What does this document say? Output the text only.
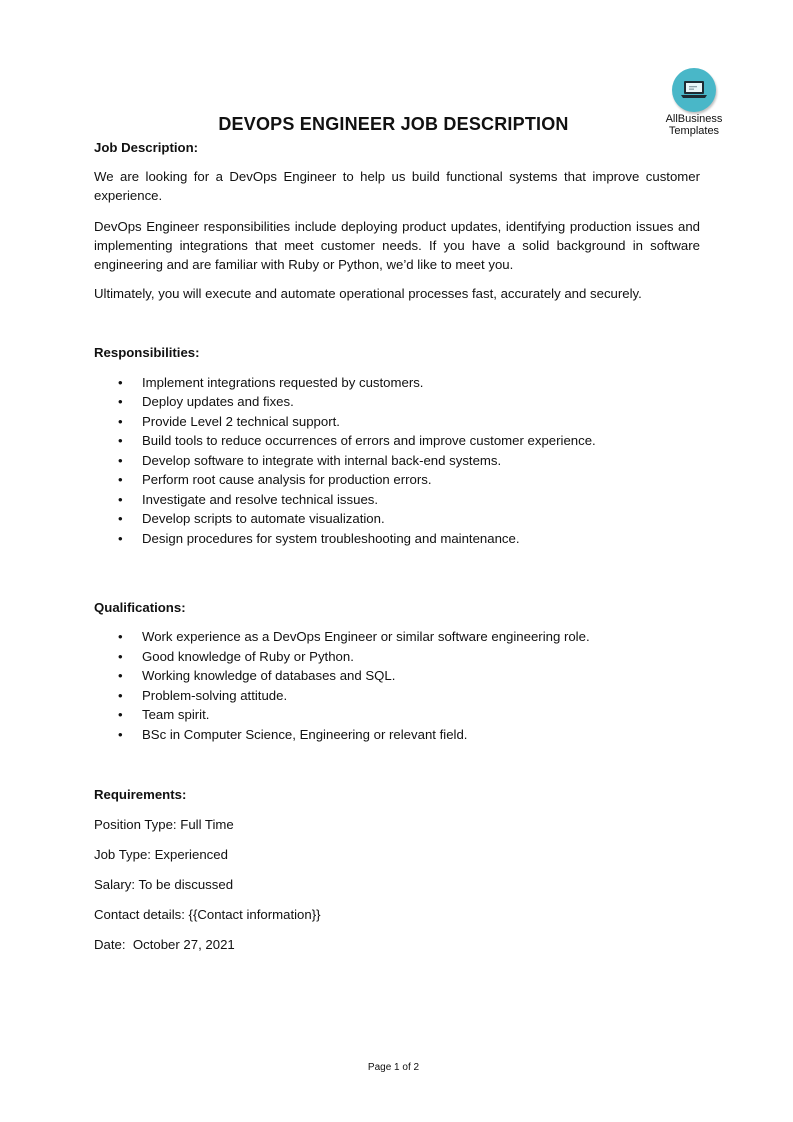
AllBusiness
Templates
DEVOPS ENGINEER JOB DESCRIPTION

Job Description:

We are looking for a DevOps Engineer to help us build functional systems that improve customer experience.

DevOps Engineer responsibilities include deploying product updates, identifying production issues and implementing integrations that meet customer needs. If you have a solid background in software engineering and are familiar with Ruby or Python, we’d like to meet you.

Ultimately, you will execute and automate operational processes fast, accurately and securely.

Responsibilities:

• Implement integrations requested by customers.
• Deploy updates and fixes.
• Provide Level 2 technical support.
• Build tools to reduce occurrences of errors and improve customer experience.
• Develop software to integrate with internal back-end systems.
• Perform root cause analysis for production errors.
• Investigate and resolve technical issues.
• Develop scripts to automate visualization.
• Design procedures for system troubleshooting and maintenance.

Qualifications:

• Work experience as a DevOps Engineer or similar software engineering role.
• Good knowledge of Ruby or Python.
• Working knowledge of databases and SQL.
• Problem-solving attitude.
• Team spirit.
• BSc in Computer Science, Engineering or relevant field.

Requirements:

Position Type: Full Time

Job Type: Experienced

Salary: To be discussed

Contact details: {{Contact information}}

Date:  October 27, 2021

Page 1 of 2
